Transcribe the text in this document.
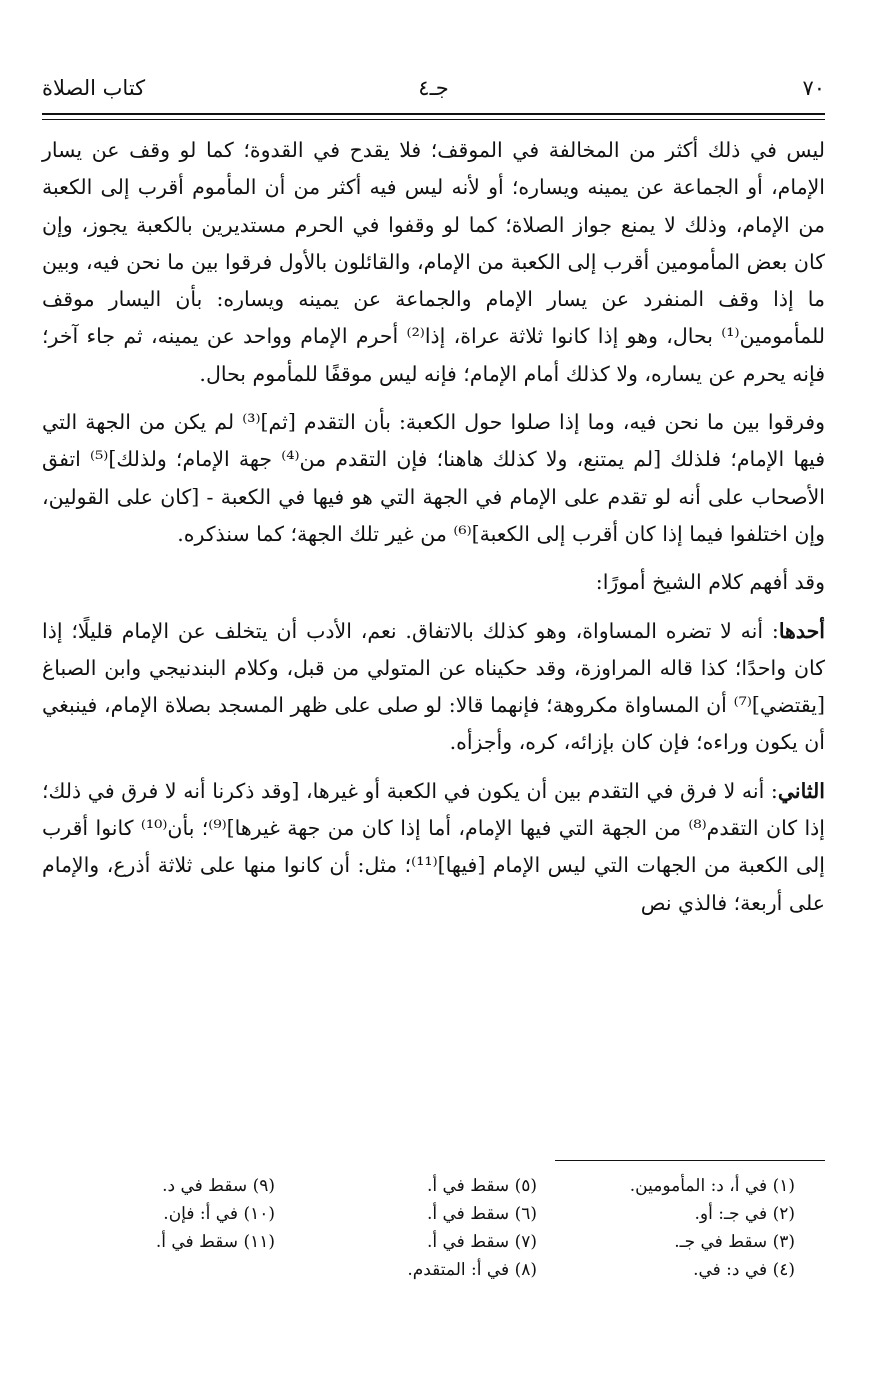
٧٠
جـ٤
كتاب الصلاة

ليس في ذلك أكثر من المخالفة في الموقف؛ فلا يقدح في القدوة؛ كما لو وقف عن يسار الإمام، أو الجماعة عن يمينه ويساره؛ أو لأنه ليس فيه أكثر من أن المأموم أقرب إلى الكعبة من الإمام، وذلك لا يمنع جواز الصلاة؛ كما لو وقفوا في الحرم مستديرين بالكعبة يجوز، وإن كان بعض المأمومين أقرب إلى الكعبة من الإمام، والقائلون بالأول فرقوا بين ما نحن فيه، وبين ما إذا وقف المنفرد عن يسار الإمام والجماعة عن يمينه ويساره: بأن اليسار موقف للمأمومين⁽¹⁾ بحال، وهو إذا كانوا ثلاثة عراة، إذا⁽²⁾ أحرم الإمام وواحد عن يمينه، ثم جاء آخر؛ فإنه يحرم عن يساره، ولا كذلك أمام الإمام؛ فإنه ليس موقفًا للمأموم بحال.

وفرقوا بين ما نحن فيه، وما إذا صلوا حول الكعبة: بأن التقدم [ثم]⁽³⁾ لم يكن من الجهة التي فيها الإمام؛ فلذلك [لم يمتنع، ولا كذلك هاهنا؛ فإن التقدم من⁽⁴⁾ جهة الإمام؛ ولذلك]⁽⁵⁾ اتفق الأصحاب على أنه لو تقدم على الإمام في الجهة التي هو فيها في الكعبة - [كان على القولين، وإن اختلفوا فيما إذا كان أقرب إلى الكعبة]⁽⁶⁾ من غير تلك الجهة؛ كما سنذكره.

وقد أفهم كلام الشيخ أمورًا:

أحدها: أنه لا تضره المساواة، وهو كذلك بالاتفاق. نعم، الأدب أن يتخلف عن الإمام قليلًا؛ إذا كان واحدًا؛ كذا قاله المراوزة، وقد حكيناه عن المتولي من قبل، وكلام البندنيجي وابن الصباغ [يقتضي]⁽⁷⁾ أن المساواة مكروهة؛ فإنهما قالا: لو صلى على ظهر المسجد بصلاة الإمام، فينبغي أن يكون وراءه؛ فإن كان بإزائه، كره، وأجزأه.

الثاني: أنه لا فرق في التقدم بين أن يكون في الكعبة أو غيرها، [وقد ذكرنا أنه لا فرق في ذلك؛ إذا كان التقدم⁽⁸⁾ من الجهة التي فيها الإمام، أما إذا كان من جهة غيرها]⁽⁹⁾؛ بأن⁽¹⁰⁾ كانوا أقرب إلى الكعبة من الجهات التي ليس الإمام [فيها]⁽¹¹⁾؛ مثل: أن كانوا منها على ثلاثة أذرع، والإمام على أربعة؛ فالذي نص

(١) في أ، د: المأمومين.
(٢) في جـ: أو.
(٣) سقط في جـ.
(٤) في د: في.
(٥) سقط في أ.
(٦) سقط في أ.
(٧) سقط في أ.
(٨) في أ: المتقدم.
(٩) سقط في د.
(١٠) في أ: فإن.
(١١) سقط في أ.
